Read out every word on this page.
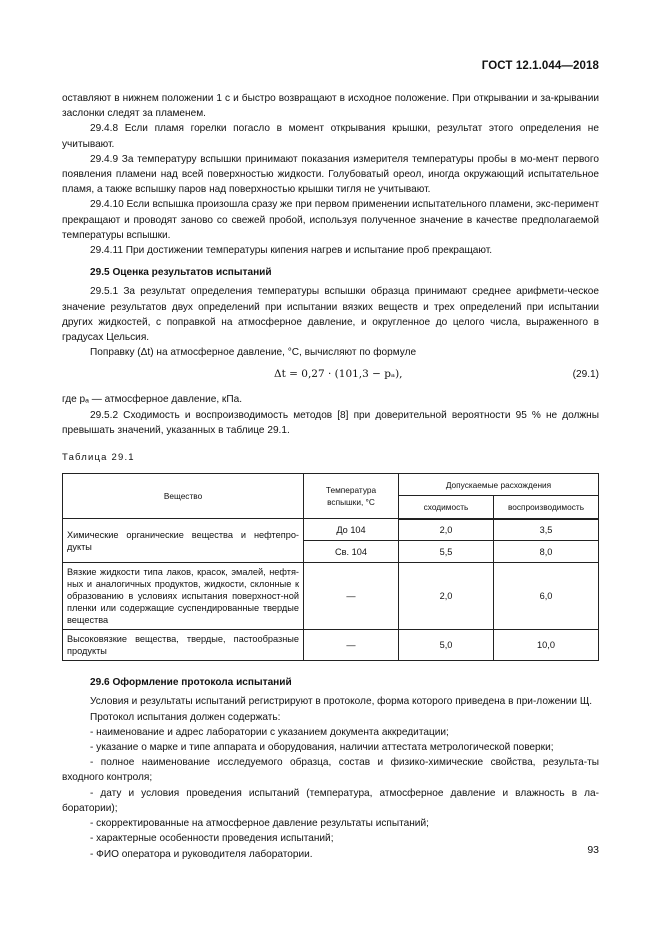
ГОСТ 12.1.044—2018

оставляют в нижнем положении 1 с и быстро возвращают в исходное положение. При открывании и за-крывании заслонки следят за пламенем.

29.4.8 Если пламя горелки погасло в момент открывания крышки, результат этого определения не учитывают.

29.4.9 За температуру вспышки принимают показания измерителя температуры пробы в мо-мент первого появления пламени над всей поверхностью жидкости. Голубоватый ореол, иногда окружающий испытательное пламя, а также вспышку паров над поверхностью крышки тигля не учитывают.

29.4.10 Если вспышка произошла сразу же при первом применении испытательного пламени, экс-перимент прекращают и проводят заново со свежей пробой, используя полученное значение в качестве предполагаемой температуры вспышки.

29.4.11 При достижении температуры кипения нагрев и испытание проб прекращают.

29.5 Оценка результатов испытаний

29.5.1 За результат определения температуры вспышки образца принимают среднее арифмети-ческое значение результатов двух определений при испытании вязких веществ и трех определений при испытании других жидкостей, с поправкой на атмосферное давление, и округленное до целого числа, выраженного в градусах Цельсия.

Поправку (Δt) на атмосферное давление, °С, вычисляют по формуле

Δt = 0,27 · (101,3 − pₐ),	(29.1)

где pₐ — атмосферное давление, кПа.

29.5.2 Сходимость и воспроизводимость методов [8] при доверительной вероятности 95 % не должны превышать значений, указанных в таблице 29.1.

Таблица 29.1

Вещество	Температура вспышки, °С	Допускаемые расхождения	
		сходимость	воспроизводимость
Химические органические вещества и нефтепро-дукты	До 104	2,0	3,5
	Св. 104	5,5	8,0
Вязкие жидкости типа лаков, красок, эмалей, нефтя-ных и аналогичных продуктов, жидкости, склонные к образованию в условиях испытания поверхност-ной пленки или содержащие суспендированные твердые вещества	—	2,0	6,0
Высоковязкие вещества, твердые, пастообразные продукты	—	5,0	10,0

29.6 Оформление протокола испытаний

Условия и результаты испытаний регистрируют в протоколе, форма которого приведена в при-ложении Щ.

Протокол испытания должен содержать:

- наименование и адрес лаборатории с указанием документа аккредитации;

- указание о марке и типе аппарата и оборудования, наличии аттестата метрологической поверки;

- полное наименование исследуемого образца, состав и физико-химические свойства, результа-ты входного контроля;

- дату и условия проведения испытаний (температура, атмосферное давление и влажность в ла-боратории);

- скорректированные на атмосферное давление результаты испытаний;

- характерные особенности проведения испытаний;

- ФИО оператора и руководителя лаборатории.	93
